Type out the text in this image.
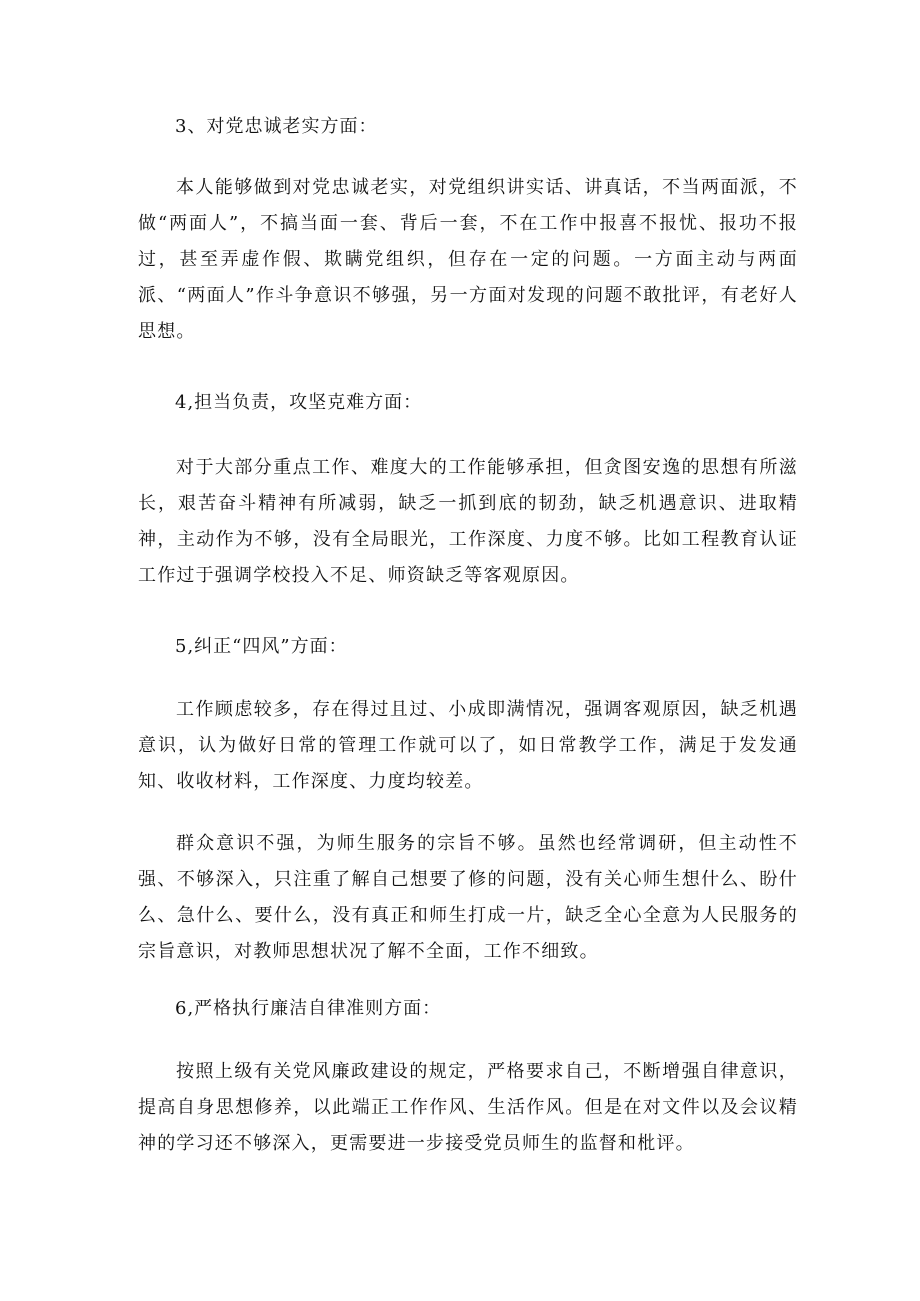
3、对党忠诚老实方面：

本人能够做到对党忠诚老实，对党组织讲实话、讲真话，不当两面派，不做“两面人”，不搞当面一套、背后一套，不在工作中报喜不报忧、报功不报过，甚至弄虚作假、欺瞒党组织，但存在一定的问题。一方面主动与两面派、“两面人”作斗争意识不够强，另一方面对发现的问题不敢批评，有老好人思想。

4,担当负责，攻坚克难方面：

对于大部分重点工作、难度大的工作能够承担，但贪图安逸的思想有所滋长，艰苦奋斗精神有所减弱，缺乏一抓到底的韧劲，缺乏机遇意识、进取精神，主动作为不够，没有全局眼光，工作深度、力度不够。比如工程教育认证工作过于强调学校投入不足、师资缺乏等客观原因。

5,纠正“四风”方面：

工作顾虑较多，存在得过且过、小成即满情况，强调客观原因，缺乏机遇意识，认为做好日常的管理工作就可以了，如日常教学工作，满足于发发通知、收收材料，工作深度、力度均较差。

群众意识不强，为师生服务的宗旨不够。虽然也经常调研，但主动性不强、不够深入，只注重了解自己想要了修的问题，没有关心师生想什么、盼什么、急什么、要什么，没有真正和师生打成一片，缺乏全心全意为人民服务的宗旨意识，对教师思想状况了解不全面，工作不细致。

6,严格执行廉洁自律准则方面：

按照上级有关党风廉政建设的规定，严格要求自己，不断增强自律意识，提高自身思想修养，以此端正工作作风、生活作风。但是在对文件以及会议精神的学习还不够深入，更需要进一步接受党员师生的监督和枇评。
